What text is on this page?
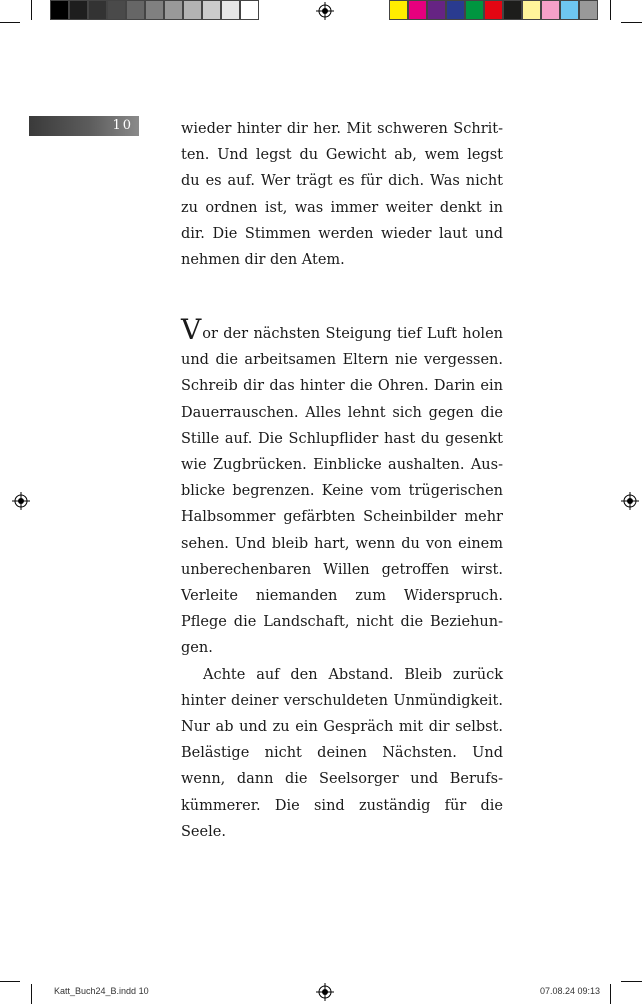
10	wieder hinter dir her. Mit schweren Schritten. Und legst du Gewicht ab, wem legst du es auf. Wer trägt es für dich. Was nicht zu ordnen ist, was immer weiter denkt in dir. Die Stimmen werden wieder laut und nehmen dir den Atem.

Vor der nächsten Steigung tief Luft holen und die arbeitsamen Eltern nie vergessen. Schreib dir das hinter die Ohren. Darin ein Dauerrauschen. Alles lehnt sich gegen die Stille auf. Die Schlupflider hast du gesenkt wie Zugbrücken. Einblicke aushalten. Ausblicke begrenzen. Keine vom trügerischen Halbsommer gefärbten Scheinbilder mehr sehen. Und bleib hart, wenn du von einem unberechenbaren Willen getroffen wirst. Verleite niemanden zum Widerspruch. Pflege die Landschaft, nicht die Beziehungen.

Achte auf den Abstand. Bleib zurück hinter deiner verschuldeten Unmündigkeit. Nur ab und zu ein Gespräch mit dir selbst. Belästige nicht deinen Nächsten. Und wenn, dann die Seelsorger und Berufskümmerer. Die sind zuständig für die Seele.

Katt_Buch24_B.indd 10	07.08.24 09:13
